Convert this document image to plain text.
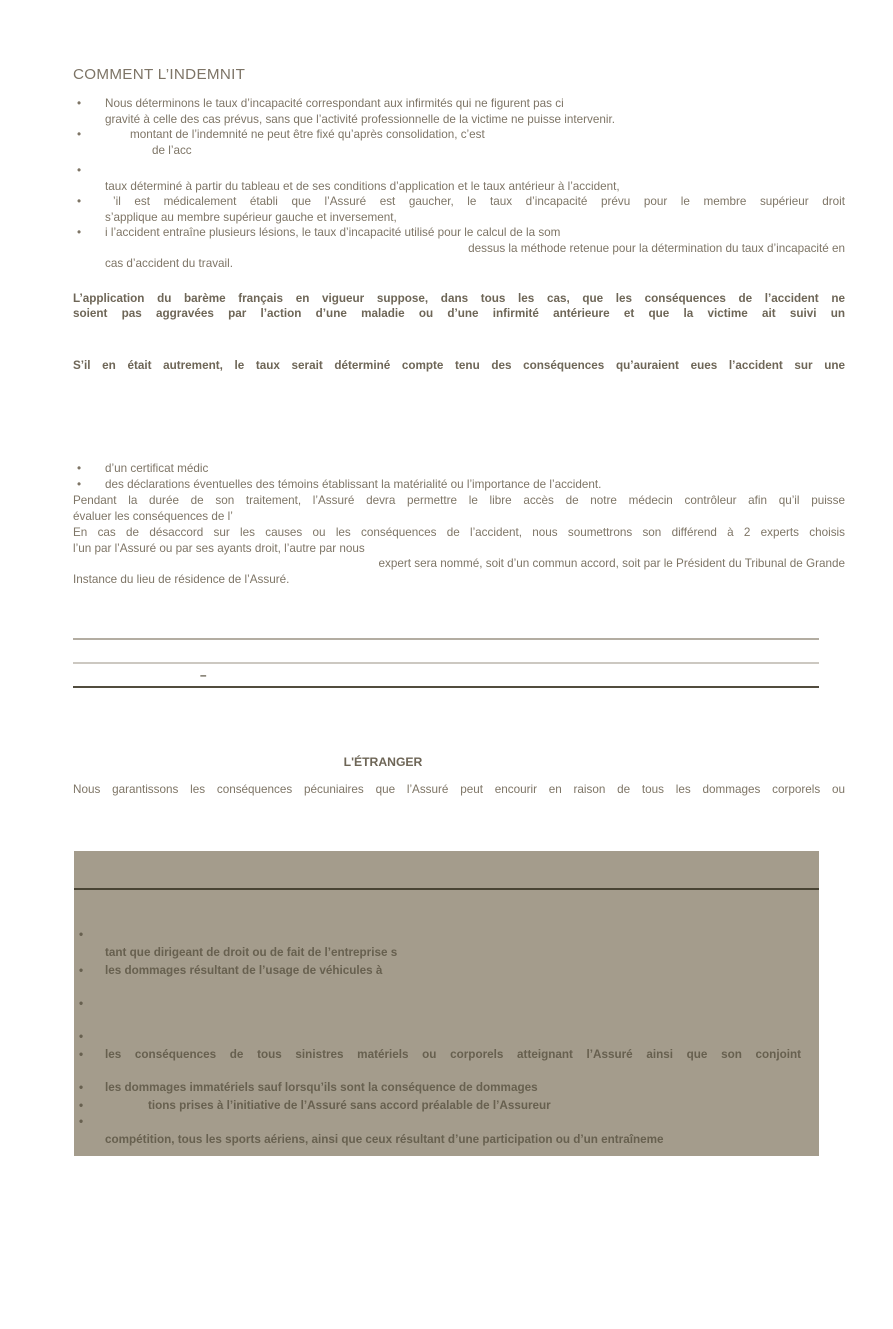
COMMENT L’INDEMNIT
• Nous déterminons le taux d’incapacité correspondant aux infirmités qui ne figurent pas ci
gravité à celle des cas prévus, sans que l’activité professionnelle de la victime ne puisse intervenir.
•	montant de l’indemnité ne peut être fixé qu’après consolidation, c’est
de l’acc
•
taux déterminé à partir du tableau et de ses conditions d’application et le taux antérieur à l’accident,
•	’il est médicalement établi que l’Assuré est gaucher, le taux d’incapacité prévu pour le membre supérieur droit
s’applique au membre supérieur gauche et inversement,
• i l’accident entraîne plusieurs lésions, le taux d’incapacité utilisé pour le calcul de la som
dessus la méthode retenue pour la détermination du taux d’incapacité en
cas d’accident du travail.
L’application du barème français en vigueur suppose, dans tous les cas, que les conséquences de l’accident ne
soient pas aggravées par l’action d’une maladie ou d’une infirmité antérieure et que la victime ait suivi un
S’il en était autrement, le taux serait déterminé compte tenu des conséquences qu’auraient eues l’accident sur une
• d’un certificat médic
• des déclarations éventuelles des témoins établissant la matérialité ou l’importance de l’accident.
Pendant la durée de son traitement, l’Assuré devra permettre le libre accès de notre médecin contrôleur afin qu’il puisse
évaluer les conséquences de l’
En cas de désaccord sur les causes ou les conséquences de l’accident, nous soumettrons son différend à 2 experts choisis
l’un par l’Assuré ou par ses ayants droit, l’autre par nous
expert sera nommé, soit d’un commun accord, soit par le Président du Tribunal de Grande
Instance du lieu de résidence de l’Assuré.
–
L'ÉTRANGER
Nous garantissons les conséquences pécuniaires que l’Assuré peut encourir en raison de tous les dommages corporels ou
•
tant que dirigeant de droit ou de fait de l’entreprise s
• les dommages résultant de l’usage de véhicules à
•
•
• les conséquences de tous sinistres matériels ou corporels atteignant l’Assuré ainsi que son conjoint
• les dommages immatériels sauf lorsqu’ils sont la conséquence de dommages
•	tions prises à l’initiative de l’Assuré sans accord préalable de l’Assureur
•
compétition, tous les sports aériens, ainsi que ceux résultant d’une participation ou d’un entraîneme
